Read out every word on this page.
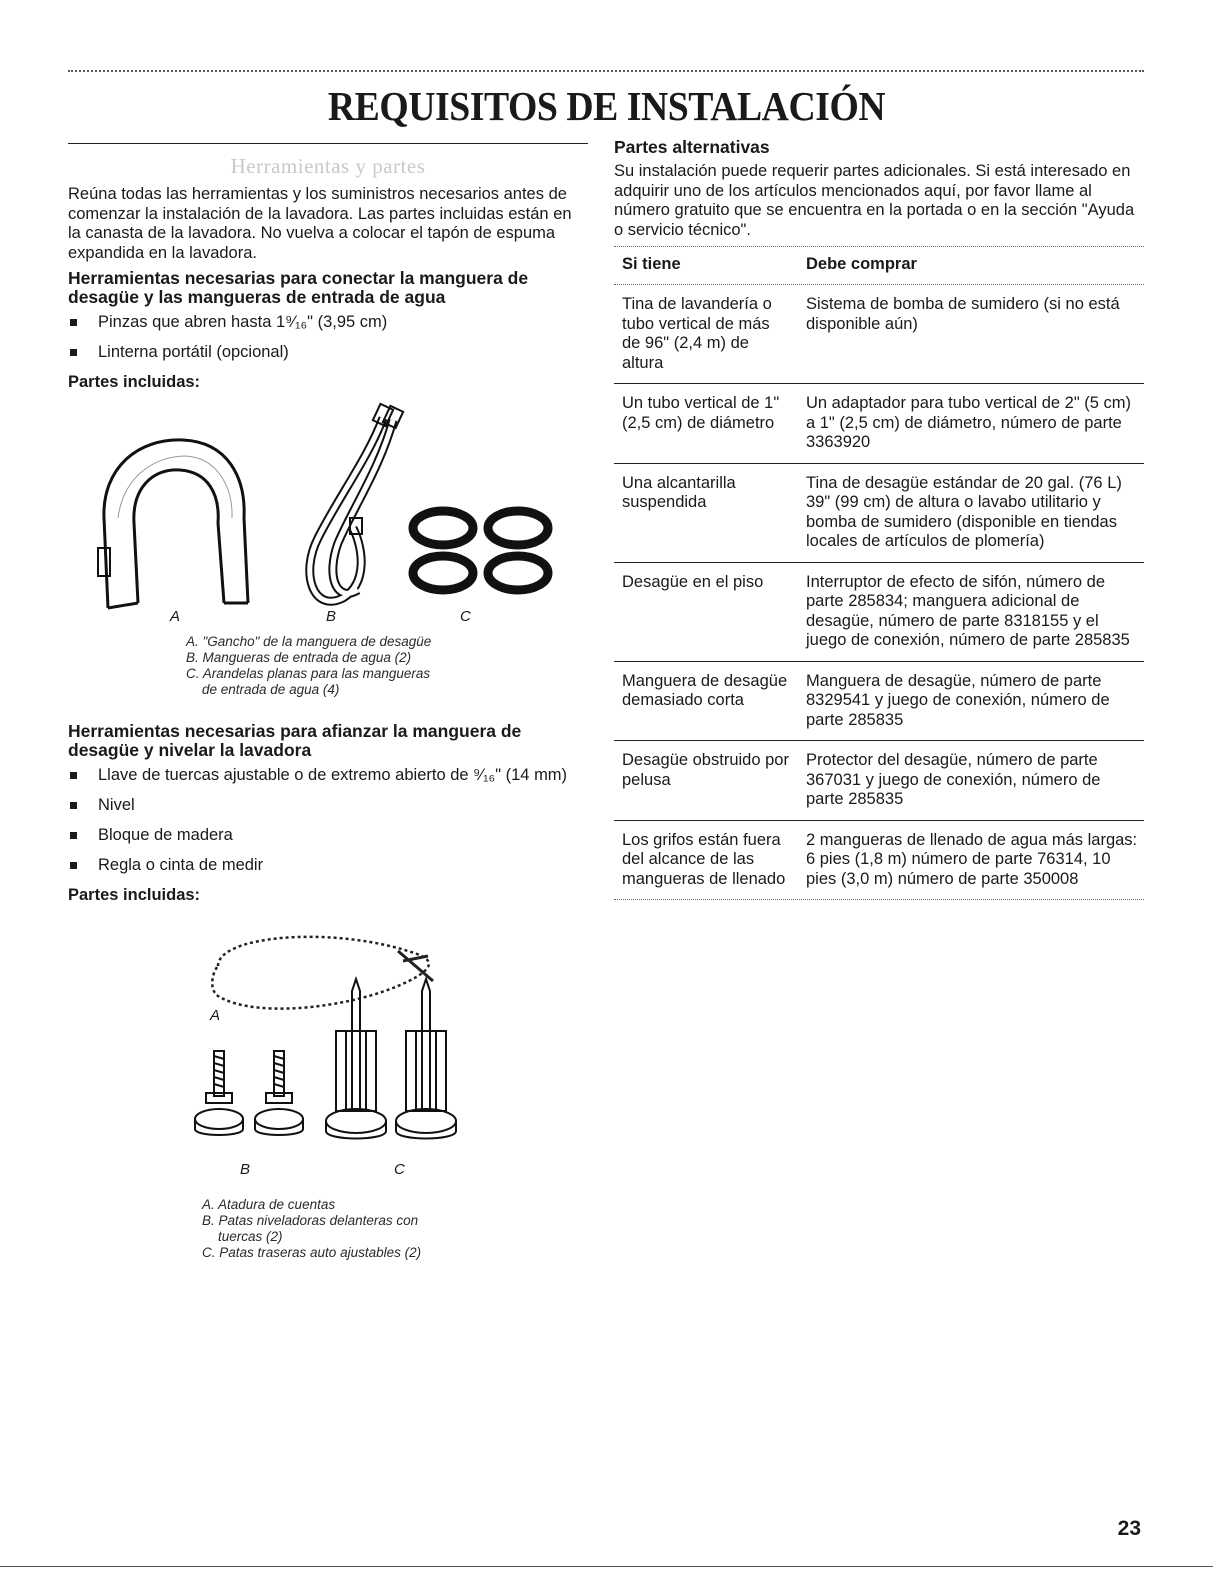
REQUISITOS DE INSTALACIÓN
Herramientas y partes

Reúna todas las herramientas y los suministros necesarios antes de comenzar la instalación de la lavadora. Las partes incluidas están en la canasta de la lavadora. No vuelva a colocar el tapón de espuma expandida en la lavadora.

Herramientas necesarias para conectar la manguera de desagüe y las mangueras de entrada de agua
Pinzas que abren hasta 1⁹⁄₁₆" (3,95 cm)
Linterna portátil (opcional)
Partes incluidas:
A	B	C
A. "Gancho" de la manguera de desagüe
B. Mangueras de entrada de agua (2)
C. Arandelas planas para las mangueras
de entrada de agua (4)
Herramientas necesarias para afianzar la manguera de desagüe y nivelar la lavadora
Llave de tuercas ajustable o de extremo abierto de ⁹⁄₁₆" (14 mm)
Nivel
Bloque de madera
Regla o cinta de medir
Partes incluidas:
A
B	C
A. Atadura de cuentas
B. Patas niveladoras delanteras con
tuercas (2)
C. Patas traseras auto ajustables (2)
Partes alternativas

Su instalación puede requerir partes adicionales. Si está interesado en adquirir uno de los artículos mencionados aquí, por favor llame al número gratuito que se encuentra en la portada o en la sección "Ayuda o servicio técnico".

Si tiene	Debe comprar

Tina de lavandería o tubo vertical de más de 96" (2,4 m) de altura	Sistema de bomba de sumidero (si no está disponible aún)
Un tubo vertical de 1" (2,5 cm) de diámetro	Un adaptador para tubo vertical de 2" (5 cm) a 1" (2,5 cm) de diámetro, número de parte 3363920
Una alcantarilla suspendida	Tina de desagüe estándar de 20 gal. (76 L) 39" (99 cm) de altura o lavabo utilitario y bomba de sumidero (disponible en tiendas locales de artículos de plomería)
Desagüe en el piso	Interruptor de efecto de sifón, número de parte 285834; manguera adicional de desagüe, número de parte 8318155 y el juego de conexión, número de parte 285835
Manguera de desagüe demasiado corta	Manguera de desagüe, número de parte 8329541 y juego de conexión, número de parte 285835
Desagüe obstruido por pelusa	Protector del desagüe, número de parte 367031 y juego de conexión, número de parte 285835
Los grifos están fuera del alcance de las mangueras de llenado	2 mangueras de llenado de agua más largas: 6 pies (1,8 m) número de parte 76314, 10 pies (3,0 m) número de parte 350008
23
